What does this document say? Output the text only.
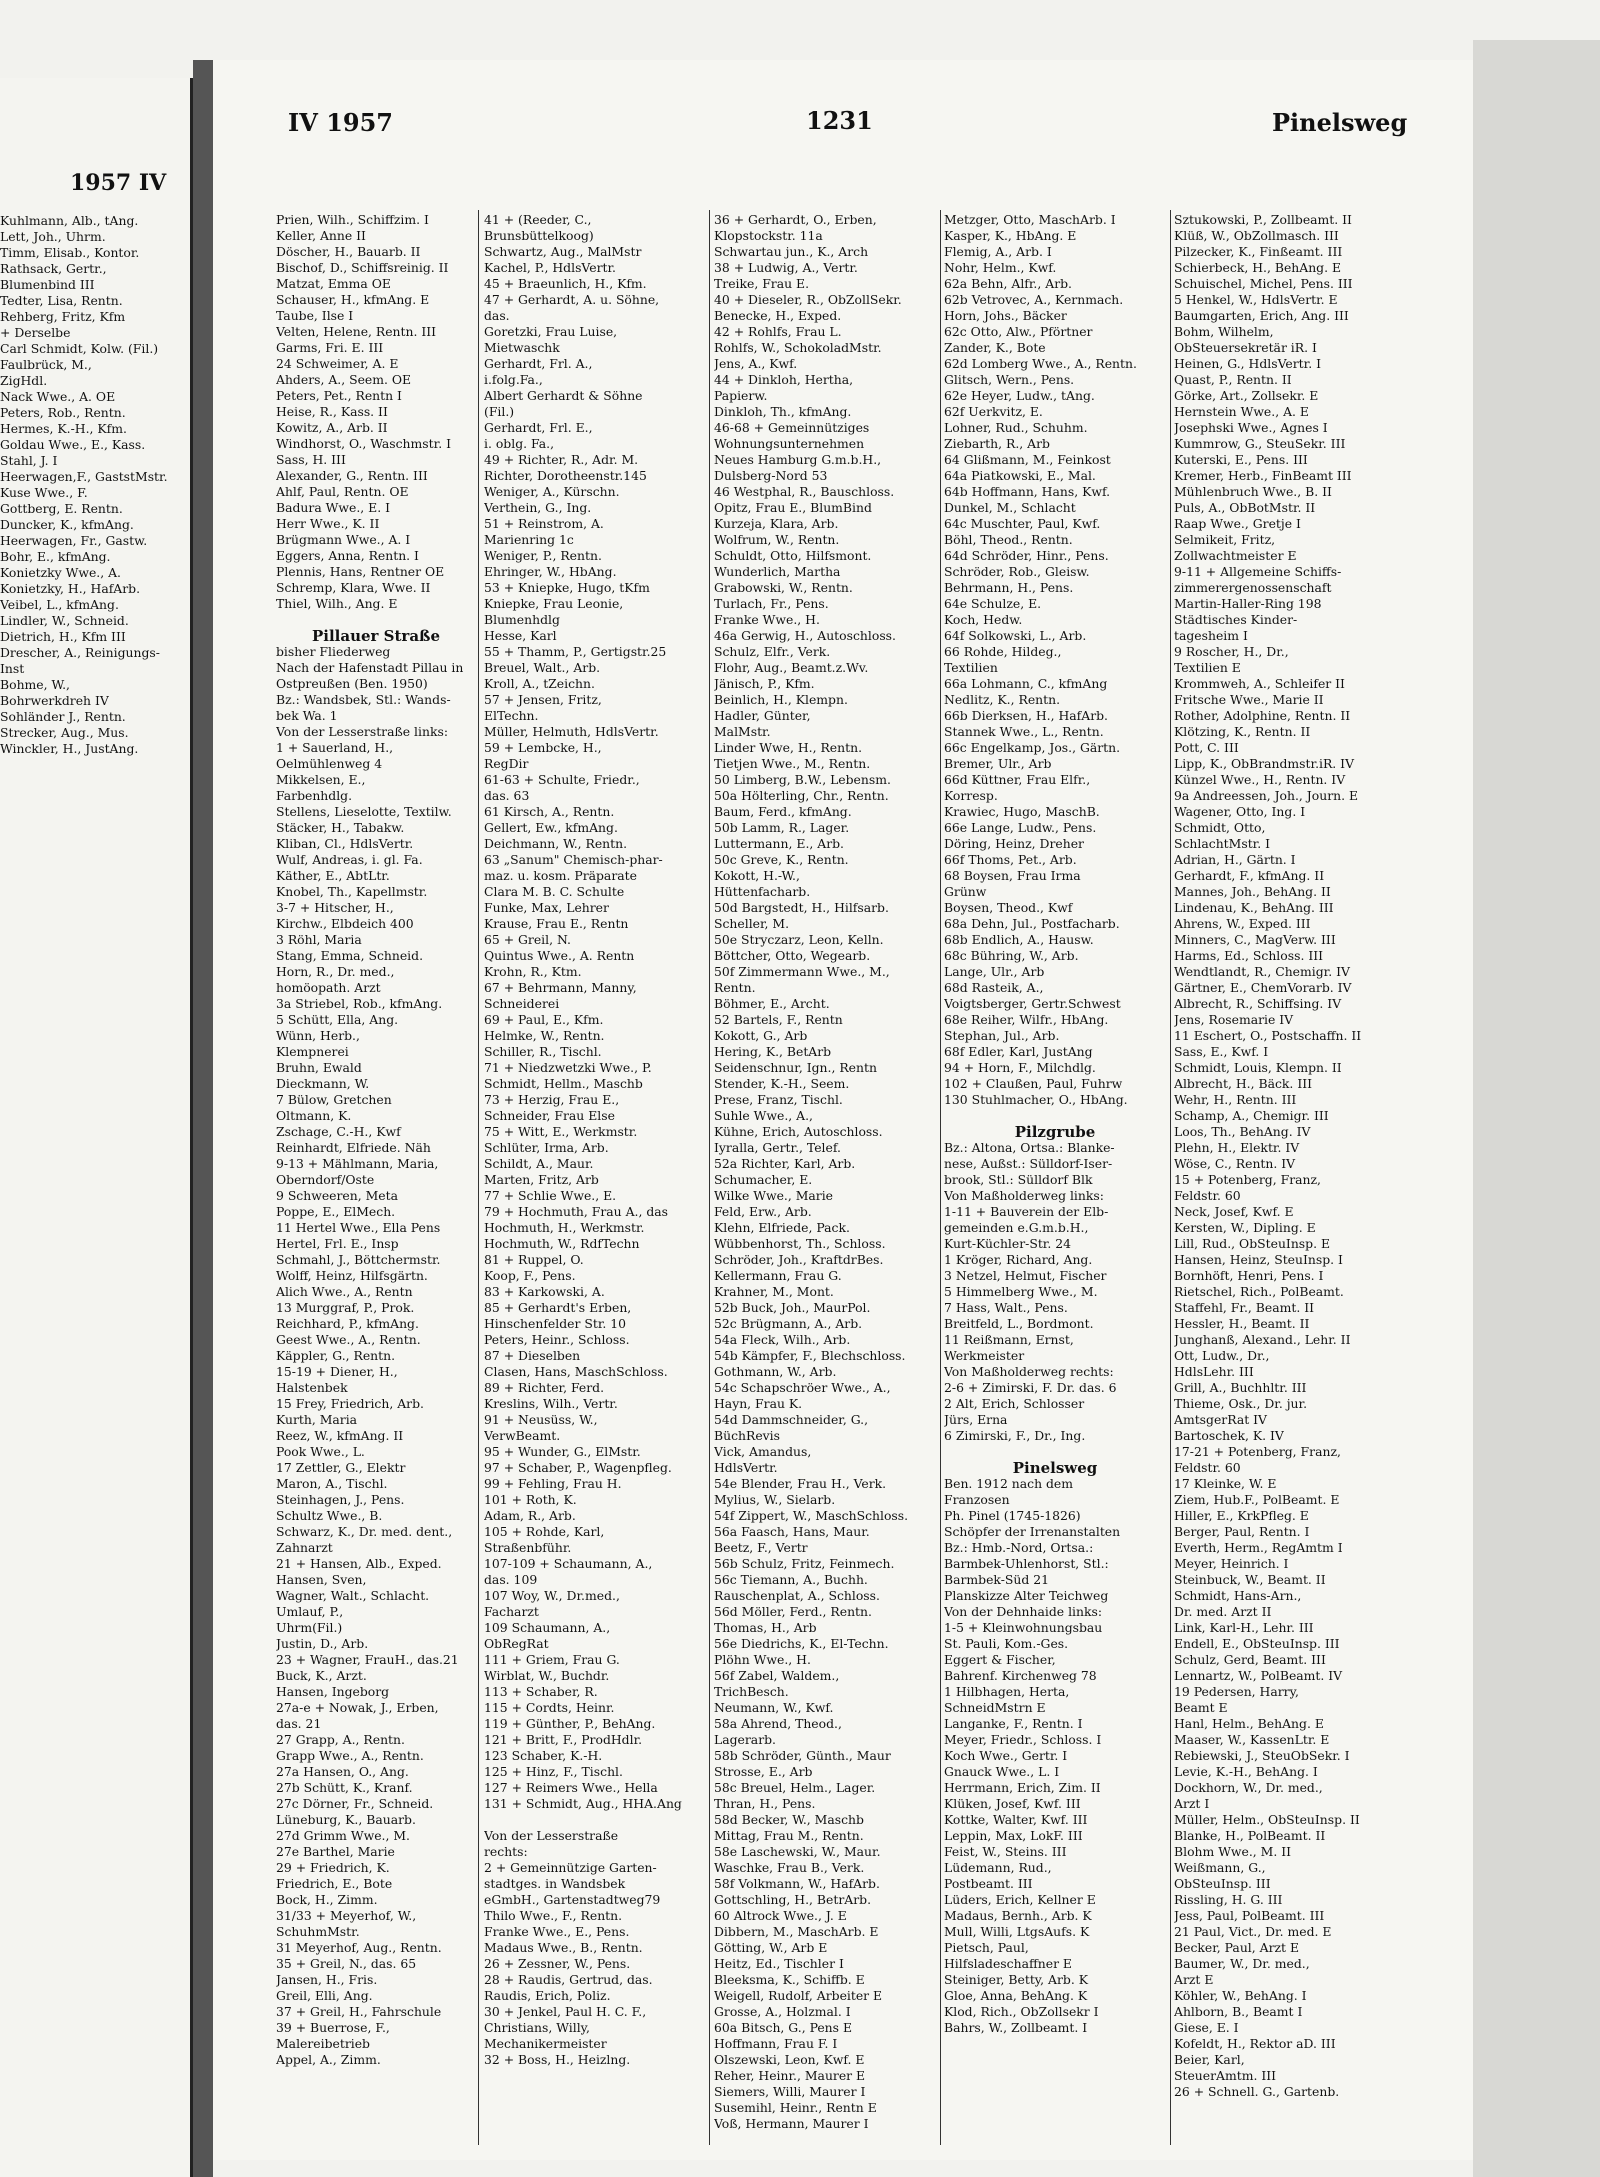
1957 IV
Kuhlmann, Alb., tAng.
Lett, Joh., Uhrm.
Timm, Elisab., Kontor.
Rathsack, Gertr.,
Blumenbind III
Tedter, Lisa, Rentn.
Rehberg, Fritz, Kfm
+ Derselbe
Carl Schmidt, Kolw. (Fil.)
Faulbrück, M.,
ZigHdl.
Nack Wwe., A. OE
Peters, Rob., Rentn.
Hermes, K.-H., Kfm.
Goldau Wwe., E., Kass.
Stahl, J. I
Heerwagen,F., GaststMstr.
Kuse Wwe., F.
Gottberg, E. Rentn.
Duncker, K., kfmAng.
Heerwagen, Fr., Gastw.
Bohr, E., kfmAng.
Konietzky Wwe., A.
Konietzky, H., HafArb.
Veibel, L., kfmAng.
Lindler, W., Schneid.
Dietrich, H., Kfm III
Drescher, A., Reinigungs-
Inst
Bohme, W.,
Bohrwerkdreh IV
Sohländer J., Rentn.
Strecker, Aug., Mus.
Winckler, H., JustAng.
IV 1957	1231	Pinelsweg
Prien, Wilh., Schiffzim. I
Keller, Anne II
Döscher, H., Bauarb. II
Bischof, D., Schiffsreinig. II
Matzat, Emma OE
Schauser, H., kfmAng. E
Taube, Ilse I
Velten, Helene, Rentn. III
Garms, Fri. E. III
24 Schweimer, A. E
Ahders, A., Seem. OE
Peters, Pet., Rentn I
Heise, R., Kass. II
Kowitz, A., Arb. II
Windhorst, O., Waschmstr. I
Sass, H. III
Alexander, G., Rentn. III
Ahlf, Paul, Rentn. OE
Badura Wwe., E. I
Herr Wwe., K. II
Brügmann Wwe., A. I
Eggers, Anna, Rentn. I
Plennis, Hans, Rentner OE
Schremp, Klara, Wwe. II
Thiel, Wilh., Ang. E

Pillauer Straße
bisher Fliederweg
Nach der Hafenstadt Pillau in
Ostpreußen (Ben. 1950)
Bz.: Wandsbek, Stl.: Wands-
bek Wa. 1
Von der Lesserstraße links:
1 + Sauerland, H.,
Oelmühlenweg 4
Mikkelsen, E.,
Farbenhdlg.
Stellens, Lieselotte, Textilw.
Stäcker, H., Tabakw.
Kliban, Cl., HdlsVertr.
Wulf, Andreas, i. gl. Fa.
Käther, E., AbtLtr.
Knobel, Th., Kapellmstr.
3-7 + Hitscher, H.,
Kirchw., Elbdeich 400
3 Röhl, Maria
Stang, Emma, Schneid.
Horn, R., Dr. med.,
homöopath. Arzt
3a Striebel, Rob., kfmAng.
5 Schütt, Ella, Ang.
Wünn, Herb.,
Klempnerei
Bruhn, Ewald
Dieckmann, W.
7 Bülow, Gretchen
Oltmann, K.
Zschage, C.-H., Kwf
Reinhardt, Elfriede. Näh
9-13 + Mählmann, Maria,
Oberndorf/Oste
9 Schweeren, Meta
Poppe, E., ElMech.
11 Hertel Wwe., Ella Pens
Hertel, Frl. E., Insp
Schmahl, J., Böttchermstr.
Wolff, Heinz, Hilfsgärtn.
Alich Wwe., A., Rentn
13 Murggraf, P., Prok.
Reichhard, P., kfmAng.
Geest Wwe., A., Rentn.
Käppler, G., Rentn.
15-19 + Diener, H.,
Halstenbek
15 Frey, Friedrich, Arb.
Kurth, Maria
Reez, W., kfmAng. II
Pook Wwe., L.
17 Zettler, G., Elektr
Maron, A., Tischl.
Steinhagen, J., Pens.
Schultz Wwe., B.
Schwarz, K., Dr. med. dent.,
Zahnarzt
21 + Hansen, Alb., Exped.
Hansen, Sven,
Wagner, Walt., Schlacht.
Umlauf, P.,
Uhrm(Fil.)
Justin, D., Arb.
23 + Wagner, FrauH., das.21
Buck, K., Arzt.
Hansen, Ingeborg
27a-e + Nowak, J., Erben,
das. 21
27 Grapp, A., Rentn.
Grapp Wwe., A., Rentn.
27a Hansen, O., Ang.
27b Schütt, K., Kranf.
27c Dörner, Fr., Schneid.
Lüneburg, K., Bauarb.
27d Grimm Wwe., M.
27e Barthel, Marie
29 + Friedrich, K.
Friedrich, E., Bote
Bock, H., Zimm.
31/33 + Meyerhof, W.,
SchuhmMstr.
31 Meyerhof, Aug., Rentn.
35 + Greil, N., das. 65
Jansen, H., Fris.
Greil, Elli, Ang.
37 + Greil, H., Fahrschule
39 + Buerrose, F.,
Malereibetrieb
Appel, A., Zimm.
41 + (Reeder, C.,
Brunsbüttelkoog)
Schwartz, Aug., MalMstr
Kachel, P., HdlsVertr.
45 + Braeunlich, H., Kfm.
47 + Gerhardt, A. u. Söhne,
das.
Goretzki, Frau Luise,
Mietwaschk
Gerhardt, Frl. A.,
i.folg.Fa.,
Albert Gerhardt & Söhne
(Fil.)
Gerhardt, Frl. E.,
i. oblg. Fa.,
49 + Richter, R., Adr. M.
Richter, Dorotheenstr.145
Weniger, A., Kürschn.
Verthein, G., Ing.
51 + Reinstrom, A.
Marienring 1c
Weniger, P., Rentn.
Ehringer, W., HbAng.
53 + Kniepke, Hugo, tKfm
Kniepke, Frau Leonie,
Blumenhdlg
Hesse, Karl
55 + Thamm, P., Gertigstr.25
Breuel, Walt., Arb.
Kroll, A., tZeichn.
57 + Jensen, Fritz,
ElTechn.
Müller, Helmuth, HdlsVertr.
59 + Lembcke, H.,
RegDir
61-63 + Schulte, Friedr.,
das. 63
61 Kirsch, A., Rentn.
Gellert, Ew., kfmAng.
Deichmann, W., Rentn.
63 „Sanum" Chemisch-phar-
maz. u. kosm. Präparate
Clara M. B. C. Schulte
Funke, Max, Lehrer
Krause, Frau E., Rentn
65 + Greil, N.
Quintus Wwe., A. Rentn
Krohn, R., Ktm.
67 + Behrmann, Manny,
Schneiderei
69 + Paul, E., Kfm.
Helmke, W., Rentn.
Schiller, R., Tischl.
71 + Niedzwetzki Wwe., P.
Schmidt, Hellm., Maschb
73 + Herzig, Frau E.,
Schneider, Frau Else
75 + Witt, E., Werkmstr.
Schlüter, Irma, Arb.
Schildt, A., Maur.
Marten, Fritz, Arb
77 + Schlie Wwe., E.
79 + Hochmuth, Frau A., das
Hochmuth, H., Werkmstr.
Hochmuth, W., RdfTechn
81 + Ruppel, O.
Koop, F., Pens.
83 + Karkowski, A.
85 + Gerhardt's Erben,
Hinschenfelder Str. 10
Peters, Heinr., Schloss.
87 + Dieselben
Clasen, Hans, MaschSchloss.
89 + Richter, Ferd.
Kreslins, Wilh., Vertr.
91 + Neusüss, W.,
VerwBeamt.
95 + Wunder, G., ElMstr.
97 + Schaber, P., Wagenpfleg.
99 + Fehling, Frau H.
101 + Roth, K.
Adam, R., Arb.
105 + Rohde, Karl,
Straßenbführ.
107-109 + Schaumann, A.,
das. 109
107 Woy, W., Dr.med.,
Facharzt
109 Schaumann, A.,
ObRegRat
111 + Griem, Frau G.
Wirblat, W., Buchdr.
113 + Schaber, R.
115 + Cordts, Heinr.
119 + Günther, P., BehAng.
121 + Britt, F., ProdHdlr.
123 Schaber, K.-H.
125 + Hinz, F., Tischl.
127 + Reimers Wwe., Hella
131 + Schmidt, Aug., HHA.Ang

Von der Lesserstraße
rechts:
2 + Gemeinnützige Garten-
stadtges. in Wandsbek
eGmbH., Gartenstadtweg79
Thilo Wwe., F., Rentn.
Franke Wwe., E., Pens.
Madaus Wwe., B., Rentn.
26 + Zessner, W., Pens.
28 + Raudis, Gertrud, das.
Raudis, Erich, Poliz.
30 + Jenkel, Paul H. C. F.,
Christians, Willy,
Mechanikermeister
32 + Boss, H., Heizlng.
36 + Gerhardt, O., Erben,
Klopstockstr. 11a
Schwartau jun., K., Arch
38 + Ludwig, A., Vertr.
Treike, Frau E.
40 + Dieseler, R., ObZollSekr.
Benecke, H., Exped.
42 + Rohlfs, Frau L.
Rohlfs, W., SchokoladMstr.
Jens, A., Kwf.
44 + Dinkloh, Hertha,
Papierw.
Dinkloh, Th., kfmAng.
46-68 + Gemeinnütziges
Wohnungsunternehmen
Neues Hamburg G.m.b.H.,
Dulsberg-Nord 53
46 Westphal, R., Bauschloss.
Opitz, Frau E., BlumBind
Kurzeja, Klara, Arb.
Wolfrum, W., Rentn.
Schuldt, Otto, Hilfsmont.
Wunderlich, Martha
Grabowski, W., Rentn.
Turlach, Fr., Pens.
Franke Wwe., H.
46a Gerwig, H., Autoschloss.
Schulz, Elfr., Verk.
Flohr, Aug., Beamt.z.Wv.
Jänisch, P., Kfm.
Beinlich, H., Klempn.
Hadler, Günter,
MalMstr.
Linder Wwe, H., Rentn.
Tietjen Wwe., M., Rentn.
50 Limberg, B.W., Lebensm.
50a Hölterling, Chr., Rentn.
Baum, Ferd., kfmAng.
50b Lamm, R., Lager.
Luttermann, E., Arb.
50c Greve, K., Rentn.
Kokott, H.-W.,
Hüttenfacharb.
50d Bargstedt, H., Hilfsarb.
Scheller, M.
50e Stryczarz, Leon, Kelln.
Böttcher, Otto, Wegearb.
50f Zimmermann Wwe., M.,
Rentn.
Böhmer, E., Archt.
52 Bartels, F., Rentn
Kokott, G., Arb
Hering, K., BetArb
Seidenschnur, Ign., Rentn
Stender, K.-H., Seem.
Prese, Franz, Tischl.
Suhle Wwe., A.,
Kühne, Erich, Autoschloss.
Iyralla, Gertr., Telef.
52a Richter, Karl, Arb.
Schumacher, E.
Wilke Wwe., Marie
Feld, Erw., Arb.
Klehn, Elfriede, Pack.
Wübbenhorst, Th., Schloss.
Schröder, Joh., KraftdrBes.
Kellermann, Frau G.
Krahner, M., Mont.
52b Buck, Joh., MaurPol.
52c Brügmann, A., Arb.
54a Fleck, Wilh., Arb.
54b Kämpfer, F., Blechschloss.
Gothmann, W., Arb.
54c Schapschröer Wwe., A.,
Hayn, Frau K.
54d Dammschneider, G.,
BüchRevis
Vick, Amandus,
HdlsVertr.
54e Blender, Frau H., Verk.
Mylius, W., Sielarb.
54f Zippert, W., MaschSchloss.
56a Faasch, Hans, Maur.
Beetz, F., Vertr
56b Schulz, Fritz, Feinmech.
56c Tiemann, A., Buchh.
Rauschenplat, A., Schloss.
56d Möller, Ferd., Rentn.
Thomas, H., Arb
56e Diedrichs, K., El-Techn.
Plöhn Wwe., H.
56f Zabel, Waldem.,
TrichBesch.
Neumann, W., Kwf.
58a Ahrend, Theod.,
Lagerarb.
58b Schröder, Günth., Maur
Strosse, E., Arb
58c Breuel, Helm., Lager.
Thran, H., Pens.
58d Becker, W., Maschb
Mittag, Frau M., Rentn.
58e Laschewski, W., Maur.
Waschke, Frau B., Verk.
58f Volkmann, W., HafArb.
Gottschling, H., BetrArb.
60 Altrock Wwe., J. E
Dibbern, M., MaschArb. E
Götting, W., Arb E
Heitz, Ed., Tischler I
Bleeksma, K., Schiffb. E
Weigell, Rudolf, Arbeiter E
Grosse, A., Holzmal. I
60a Bitsch, G., Pens E
Hoffmann, Frau F. I
Olszewski, Leon, Kwf. E
Reher, Heinr., Maurer E
Siemers, Willi, Maurer I
Susemihl, Heinr., Rentn E
Voß, Hermann, Maurer I
Metzger, Otto, MaschArb. I
Kasper, K., HbAng. E
Flemig, A., Arb. I
Nohr, Helm., Kwf.
62a Behn, Alfr., Arb.
62b Vetrovec, A., Kernmach.
Horn, Johs., Bäcker
62c Otto, Alw., Pförtner
Zander, K., Bote
62d Lomberg Wwe., A., Rentn.
Glitsch, Wern., Pens.
62e Heyer, Ludw., tAng.
62f Uerkvitz, E.
Lohner, Rud., Schuhm.
Ziebarth, R., Arb
64 Glißmann, M., Feinkost
64a Piatkowski, E., Mal.
64b Hoffmann, Hans, Kwf.
Dunkel, M., Schlacht
64c Muschter, Paul, Kwf.
Böhl, Theod., Rentn.
64d Schröder, Hinr., Pens.
Schröder, Rob., Gleisw.
Behrmann, H., Pens.
64e Schulze, E.
Koch, Hedw.
64f Solkowski, L., Arb.
66 Rohde, Hildeg.,
Textilien
66a Lohmann, C., kfmAng
Nedlitz, K., Rentn.
66b Dierksen, H., HafArb.
Stannek Wwe., L., Rentn.
66c Engelkamp, Jos., Gärtn.
Bremer, Ulr., Arb
66d Küttner, Frau Elfr.,
Korresp.
Krawiec, Hugo, MaschB.
66e Lange, Ludw., Pens.
Döring, Heinz, Dreher
66f Thoms, Pet., Arb.
68 Boysen, Frau Irma
Grünw
Boysen, Theod., Kwf
68a Dehn, Jul., Postfacharb.
68b Endlich, A., Hausw.
68c Bühring, W., Arb.
Lange, Ulr., Arb
68d Rasteik, A.,
Voigtsberger, Gertr.Schwest
68e Reiher, Wilfr., HbAng.
Stephan, Jul., Arb.
68f Edler, Karl, JustAng
94 + Horn, F., Milchdlg.
102 + Claußen, Paul, Fuhrw
130 Stuhlmacher, O., HbAng.

Pilzgrube
Bz.: Altona, Ortsa.: Blanke-
nese, Außst.: Sülldorf-Iser-
brook, Stl.: Sülldorf Blk
Von Maßholderweg links:
1-11 + Bauverein der Elb-
gemeinden e.G.m.b.H.,
Kurt-Küchler-Str. 24
1 Kröger, Richard, Ang.
3 Netzel, Helmut, Fischer
5 Himmelberg Wwe., M.
7 Hass, Walt., Pens.
Breitfeld, L., Bordmont.
11 Reißmann, Ernst,
Werkmeister
Von Maßholderweg rechts:
2-6 + Zimirski, F. Dr. das. 6
2 Alt, Erich, Schlosser
Jürs, Erna
6 Zimirski, F., Dr., Ing.

Pinelsweg
Ben. 1912 nach dem
Franzosen
Ph. Pinel (1745-1826)
Schöpfer der Irrenanstalten
Bz.: Hmb.-Nord, Ortsa.:
Barmbek-Uhlenhorst, Stl.:
Barmbek-Süd 21
Planskizze Alter Teichweg
Von der Dehnhaide links:
1-5 + Kleinwohnungsbau
St. Pauli, Kom.-Ges.
Eggert & Fischer,
Bahrenf. Kirchenweg 78
1 Hilbhagen, Herta,
SchneidMstrn E
Langanke, F., Rentn. I
Meyer, Friedr., Schloss. I
Koch Wwe., Gertr. I
Gnauck Wwe., L. I
Herrmann, Erich, Zim. II
Klüken, Josef, Kwf. III
Kottke, Walter, Kwf. III
Leppin, Max, LokF. III
Feist, W., Steins. III
Lüdemann, Rud.,
Postbeamt. III
Lüders, Erich, Kellner E
Madaus, Bernh., Arb. K
Mull, Willi, LtgsAufs. K
Pietsch, Paul,
Hilfsladeschaffner E
Steiniger, Betty, Arb. K
Gloe, Anna, BehAng. K
Klod, Rich., ObZollsekr I
Bahrs, W., Zollbeamt. I
Sztukowski, P., Zollbeamt. II
Klüß, W., ObZollmasch. III
Pilzecker, K., Finßeamt. III
Schierbeck, H., BehAng. E
Schuischel, Michel, Pens. III
5 Henkel, W., HdlsVertr. E
Baumgarten, Erich, Ang. III
Bohm, Wilhelm,
ObSteuersekretär iR. I
Heinen, G., HdlsVertr. I
Quast, P., Rentn. II
Görke, Art., Zollsekr. E
Hernstein Wwe., A. E
Josephski Wwe., Agnes I
Kummrow, G., SteuSekr. III
Kuterski, E., Pens. III
Kremer, Herb., FinBeamt III
Mühlenbruch Wwe., B. II
Puls, A., ObBotMstr. II
Raap Wwe., Gretje I
Selmikeit, Fritz,
Zollwachtmeister E
9-11 + Allgemeine Schiffs-
zimmerergenossenschaft
Martin-Haller-Ring 198
Städtisches Kinder-
tagesheim I
9 Roscher, H., Dr.,
Textilien E
Krommweh, A., Schleifer II
Fritsche Wwe., Marie II
Rother, Adolphine, Rentn. II
Klötzing, K., Rentn. II
Pott, C. III
Lipp, K., ObBrandmstr.iR. IV
Künzel Wwe., H., Rentn. IV
9a Andreessen, Joh., Journ. E
Wagener, Otto, Ing. I
Schmidt, Otto,
SchlachtMstr. I
Adrian, H., Gärtn. I
Gerhardt, F., kfmAng. II
Mannes, Joh., BehAng. II
Lindenau, K., BehAng. III
Ahrens, W., Exped. III
Minners, C., MagVerw. III
Harms, Ed., Schloss. III
Wendtlandt, R., Chemigr. IV
Gärtner, E., ChemVorarb. IV
Albrecht, R., Schiffsing. IV
Jens, Rosemarie IV
11 Eschert, O., Postschaffn. II
Sass, E., Kwf. I
Schmidt, Louis, Klempn. II
Albrecht, H., Bäck. III
Wehr, H., Rentn. III
Schamp, A., Chemigr. III
Loos, Th., BehAng. IV
Plehn, H., Elektr. IV
Wöse, C., Rentn. IV
15 + Potenberg, Franz,
Feldstr. 60
Neck, Josef, Kwf. E
Kersten, W., Dipling. E
Lill, Rud., ObSteuInsp. E
Hansen, Heinz, SteuInsp. I
Bornhöft, Henri, Pens. I
Rietschel, Rich., PolBeamt.
Staffehl, Fr., Beamt. II
Hessler, H., Beamt. II
Junghanß, Alexand., Lehr. II
Ott, Ludw., Dr.,
HdlsLehr. III
Grill, A., Buchhltr. III
Thieme, Osk., Dr. jur.
AmtsgerRat IV
Bartoschek, K. IV
17-21 + Potenberg, Franz,
Feldstr. 60
17 Kleinke, W. E
Ziem, Hub.F., PolBeamt. E
Hiller, E., KrkPfleg. E
Berger, Paul, Rentn. I
Everth, Herm., RegAmtm I
Meyer, Heinrich. I
Steinbuck, W., Beamt. II
Schmidt, Hans-Arn.,
Dr. med. Arzt II
Link, Karl-H., Lehr. III
Endell, E., ObSteuInsp. III
Schulz, Gerd, Beamt. III
Lennartz, W., PolBeamt. IV
19 Pedersen, Harry,
Beamt E
Hanl, Helm., BehAng. E
Maaser, W., KassenLtr. E
Rebiewski, J., SteuObSekr. I
Levie, K.-H., BehAng. I
Dockhorn, W., Dr. med.,
Arzt I
Müller, Helm., ObSteuInsp. II
Blanke, H., PolBeamt. II
Blohm Wwe., M. II
Weißmann, G.,
ObSteuInsp. III
Rissling, H. G. III
Jess, Paul, PolBeamt. III
21 Paul, Vict., Dr. med. E
Becker, Paul, Arzt E
Baumer, W., Dr. med.,
Arzt E
Köhler, W., BehAng. I
Ahlborn, B., Beamt I
Giese, E. I
Kofeldt, H., Rektor aD. III
Beier, Karl,
SteuerAmtm. III
26 + Schnell. G., Gartenb.
